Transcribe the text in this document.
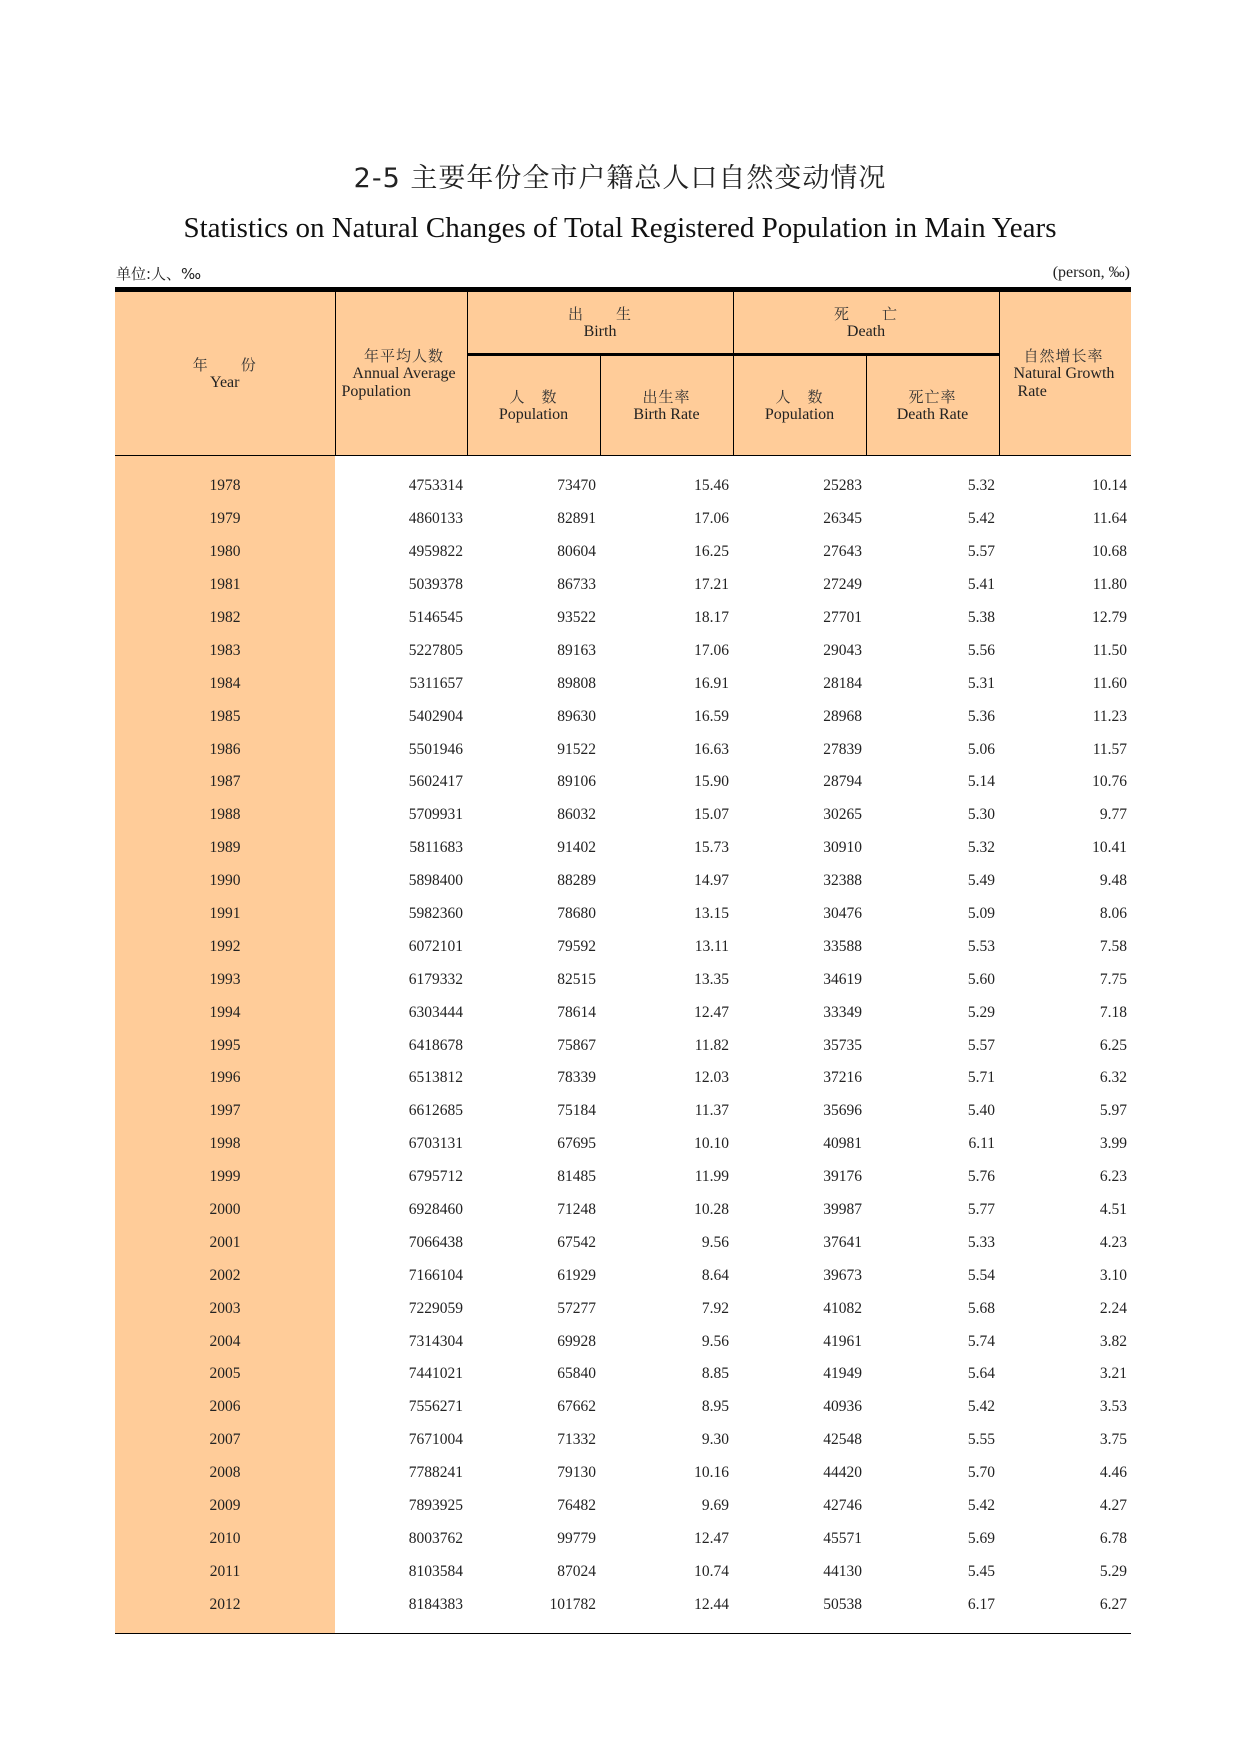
2-5 主要年份全市户籍总人口自然变动情况
Statistics on Natural Changes of Total Registered Population in Main Years
单位:人、‰	(person, ‰)
年　　份
Year

年平均人数
Annual Average
Population

出　　生
Birth

死　　亡
Death

自然增长率
Natural Growth
Rate

人　数
Population

出生率
Birth Rate

人　数
Population

死亡率
Death Rate

1978	4753314	73470	15.46	25283	5.32	10.14
1979	4860133	82891	17.06	26345	5.42	11.64
1980	4959822	80604	16.25	27643	5.57	10.68
1981	5039378	86733	17.21	27249	5.41	11.80
1982	5146545	93522	18.17	27701	5.38	12.79
1983	5227805	89163	17.06	29043	5.56	11.50
1984	5311657	89808	16.91	28184	5.31	11.60
1985	5402904	89630	16.59	28968	5.36	11.23
1986	5501946	91522	16.63	27839	5.06	11.57
1987	5602417	89106	15.90	28794	5.14	10.76
1988	5709931	86032	15.07	30265	5.30	9.77
1989	5811683	91402	15.73	30910	5.32	10.41
1990	5898400	88289	14.97	32388	5.49	9.48
1991	5982360	78680	13.15	30476	5.09	8.06
1992	6072101	79592	13.11	33588	5.53	7.58
1993	6179332	82515	13.35	34619	5.60	7.75
1994	6303444	78614	12.47	33349	5.29	7.18
1995	6418678	75867	11.82	35735	5.57	6.25
1996	6513812	78339	12.03	37216	5.71	6.32
1997	6612685	75184	11.37	35696	5.40	5.97
1998	6703131	67695	10.10	40981	6.11	3.99
1999	6795712	81485	11.99	39176	5.76	6.23
2000	6928460	71248	10.28	39987	5.77	4.51
2001	7066438	67542	9.56	37641	5.33	4.23
2002	7166104	61929	8.64	39673	5.54	3.10
2003	7229059	57277	7.92	41082	5.68	2.24
2004	7314304	69928	9.56	41961	5.74	3.82
2005	7441021	65840	8.85	41949	5.64	3.21
2006	7556271	67662	8.95	40936	5.42	3.53
2007	7671004	71332	9.30	42548	5.55	3.75
2008	7788241	79130	10.16	44420	5.70	4.46
2009	7893925	76482	9.69	42746	5.42	4.27
2010	8003762	99779	12.47	45571	5.69	6.78
2011	8103584	87024	10.74	44130	5.45	5.29
2012	8184383	101782	12.44	50538	6.17	6.27
